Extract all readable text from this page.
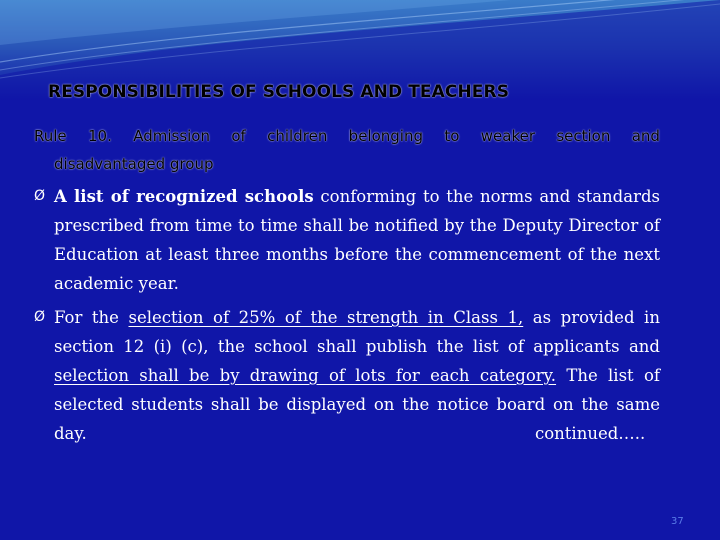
RESPONSIBILITIES OF SCHOOLS AND TEACHERS
Rule 10. Admission of children belonging to weaker section and
disadvantaged group
Ø A list of recognized schools conforming to the norms and standards prescribed from time to time shall be notified by the Deputy Director of Education at least three months before the commencement of the next academic year.
Ø For the selection of 25% of the strength in Class 1, as provided in section 12 (i) (c), the school shall publish the list of applicants and selection shall be by drawing of lots for each category. The list of selected students shall be displayed on the notice board on the same day.	continued…..
37
